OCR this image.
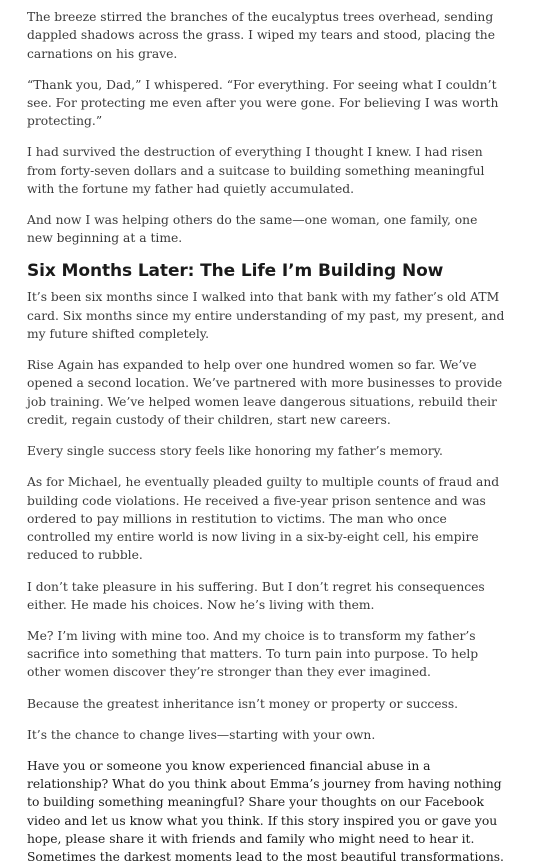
The breeze stirred the branches of the eucalyptus trees overhead, sending dappled shadows across the grass. I wiped my tears and stood, placing the carnations on his grave.

“Thank you, Dad,” I whispered. “For everything. For seeing what I couldn’t see. For protecting me even after you were gone. For believing I was worth protecting.”

I had survived the destruction of everything I thought I knew. I had risen from forty-seven dollars and a suitcase to building something meaningful with the fortune my father had quietly accumulated.

And now I was helping others do the same—one woman, one family, one new beginning at a time.

Six Months Later: The Life I’m Building Now

It’s been six months since I walked into that bank with my father’s old ATM card. Six months since my entire understanding of my past, my present, and my future shifted completely.

Rise Again has expanded to help over one hundred women so far. We’ve opened a second location. We’ve partnered with more businesses to provide job training. We’ve helped women leave dangerous situations, rebuild their credit, regain custody of their children, start new careers.

Every single success story feels like honoring my father’s memory.

As for Michael, he eventually pleaded guilty to multiple counts of fraud and building code violations. He received a five-year prison sentence and was ordered to pay millions in restitution to victims. The man who once controlled my entire world is now living in a six-by-eight cell, his empire reduced to rubble.

I don’t take pleasure in his suffering. But I don’t regret his consequences either. He made his choices. Now he’s living with them.

Me? I’m living with mine too. And my choice is to transform my father’s sacrifice into something that matters. To turn pain into purpose. To help other women discover they’re stronger than they ever imagined.

Because the greatest inheritance isn’t money or property or success.

It’s the chance to change lives—starting with your own.

Have you or someone you know experienced financial abuse in a relationship? What do you think about Emma’s journey from having nothing to building something meaningful? Share your thoughts on our Facebook video and let us know what you think. If this story inspired you or gave you hope, please share it with friends and family who might need to hear it. Sometimes the darkest moments lead to the most beautiful transformations.
